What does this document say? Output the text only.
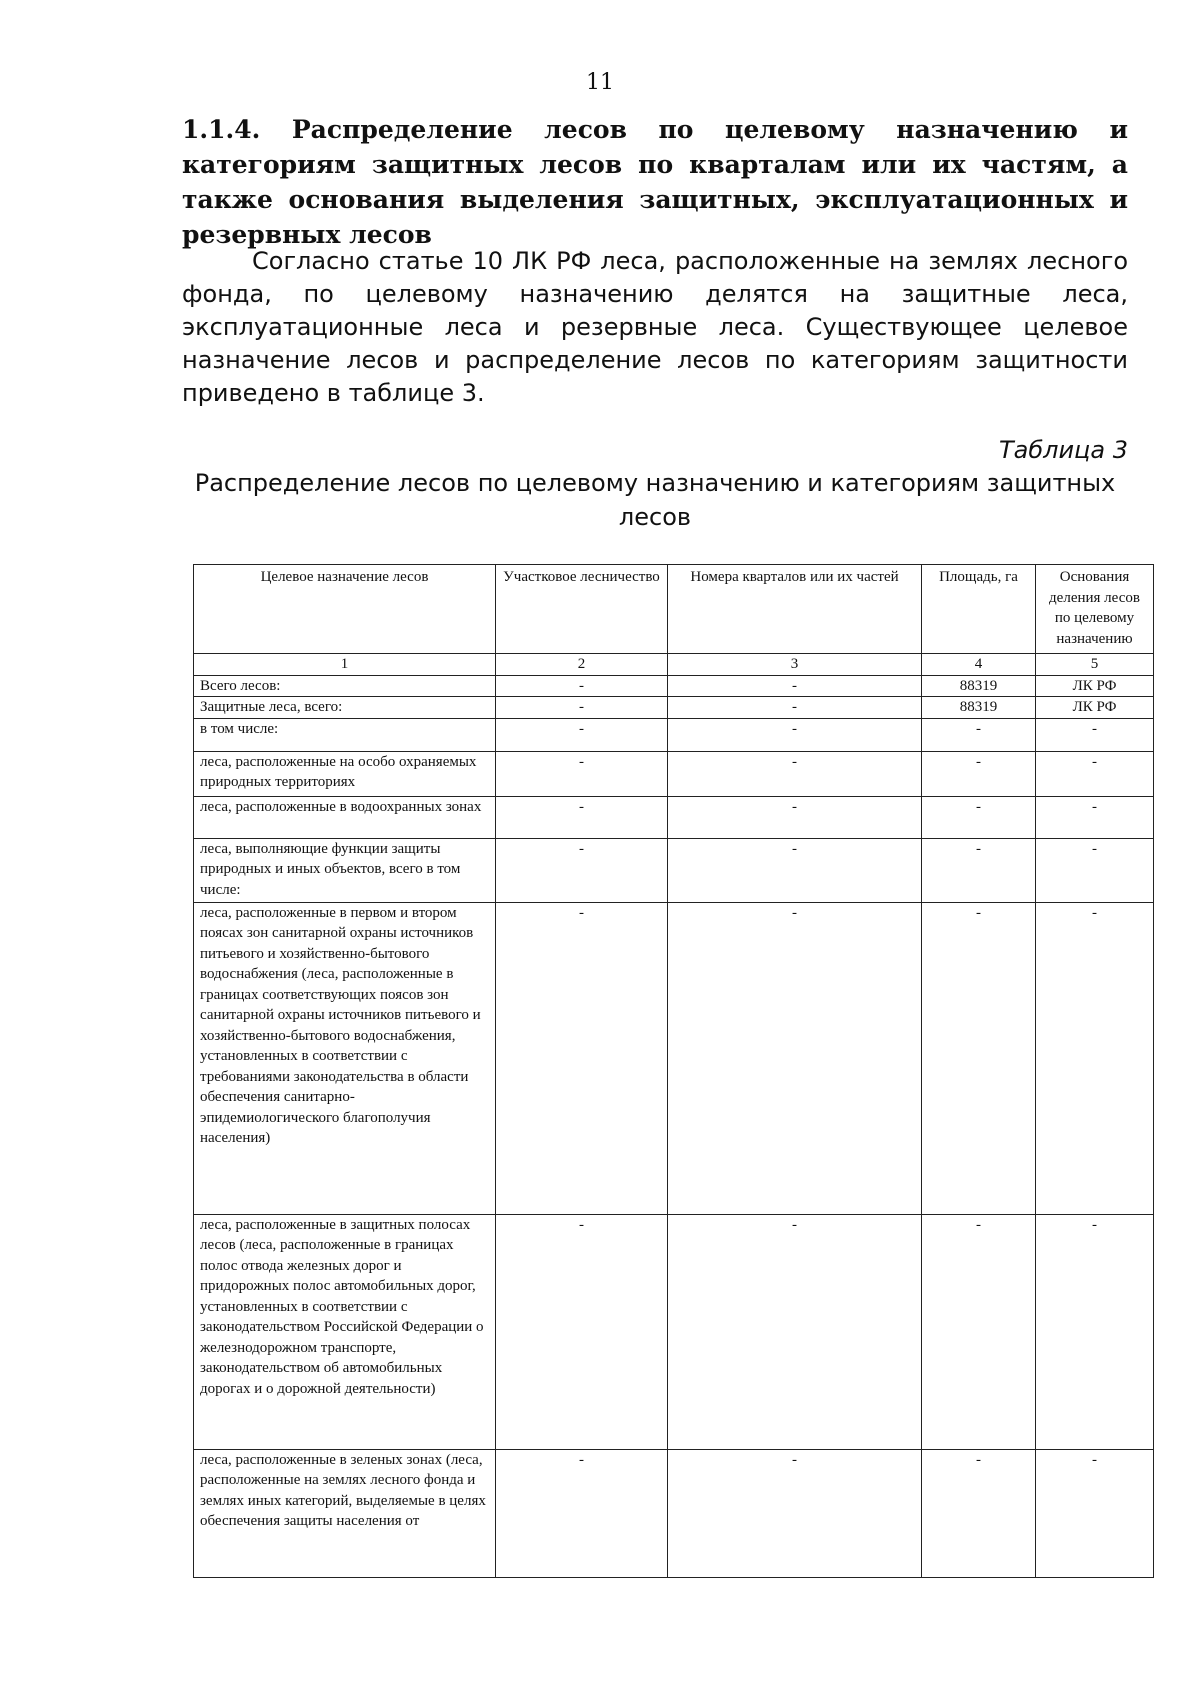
11
1.1.4. Распределение лесов по целевому назначению и категориям защитных лесов по кварталам или их частям, а также основания выделения защитных, эксплуатационных и резервных лесов
Согласно статье 10 ЛК РФ леса, расположенные на землях лесного фонда, по целевому назначению делятся на защитные леса, эксплуатационные леса и резервные леса. Существующее целевое назначение лесов и распределение лесов по категориям защитности приведено в таблице 3.
Таблица 3
Распределение лесов по целевому назначению и категориям защитных лесов
Целевое назначение лесов	Участковое лесничество	Номера кварталов или их частей	Площадь, га	Основания деления лесов по целевому назначению
1	2	3	4	5
Всего лесов:	-	-	88319	ЛК РФ
Защитные леса, всего:	-	-	88319	ЛК РФ
в том числе:	-	-	-	-
леса, расположенные на особо охраняемых природных территориях	-	-	-	-
леса, расположенные в водоохранных зонах	-	-	-	-
леса, выполняющие функции защиты природных и иных объектов, всего в том числе:	-	-	-	-
леса, расположенные в первом и втором поясах зон санитарной охраны источников питьевого и хозяйственно-бытового водоснабжения (леса, расположенные в границах соответствующих поясов зон санитарной охраны источников питьевого и хозяйственно-бытового водоснабжения, установленных в соответствии с требованиями законодательства в области обеспечения санитарно-эпидемиологического благополучия населения)	-	-	-	-
леса, расположенные в защитных полосах лесов (леса, расположенные в границах полос отвода железных дорог и придорожных полос автомобильных дорог, установленных в соответствии с законодательством Российской Федерации о железнодорожном транспорте, законодательством об автомобильных дорогах и о дорожной деятельности)	-	-	-	-
леса, расположенные в зеленых зонах (леса, расположенные на землях лесного фонда и землях иных категорий, выделяемые в целях обеспечения защиты населения от	-	-	-	-
